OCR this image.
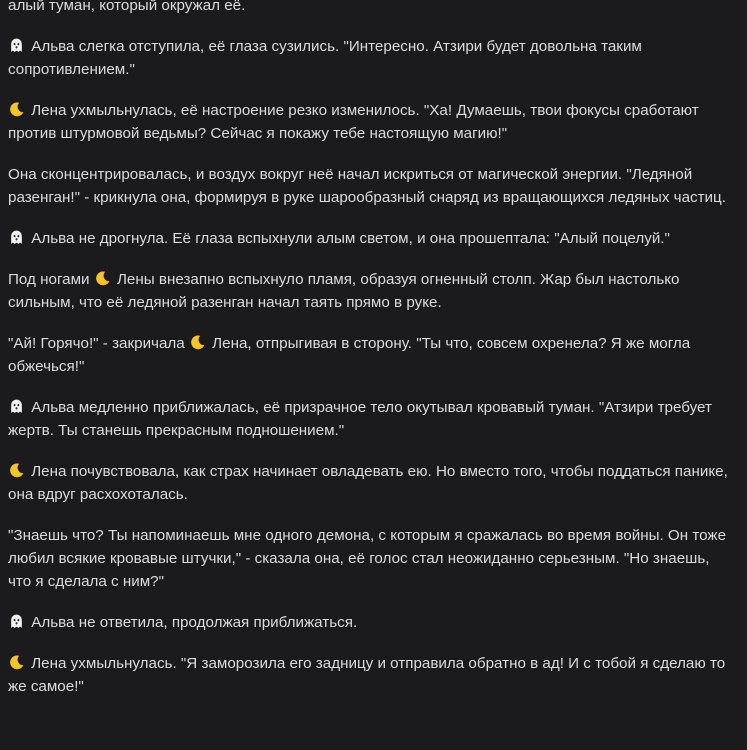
алый туман, который окружал её.

Альва слегка отступила, её глаза сузились. "Интересно. Атзири будет довольна таким сопротивлением."

Лена ухмыльнулась, её настроение резко изменилось. "Ха! Думаешь, твои фокусы сработают против штурмовой ведьмы? Сейчас я покажу тебе настоящую магию!"

Она сконцентрировалась, и воздух вокруг неё начал искриться от магической энергии. "Ледяной разенган!" - крикнула она, формируя в руке шарообразный снаряд из вращающихся ледяных частиц.

Альва не дрогнула. Её глаза вспыхнули алым светом, и она прошептала: "Алый поцелуй."

Под ногами
Лены внезапно вспыхнуло пламя, образуя огненный столп. Жар был настолько сильным, что её ледяной разенган начал таять прямо в руке.

"Ай! Горячо!" - закричала
Лена, отпрыгивая в сторону. "Ты что, совсем охренела? Я же могла обжечься!"

Альва медленно приближалась, её призрачное тело окутывал кровавый туман. "Атзири требует жертв. Ты станешь прекрасным подношением."

Лена почувствовала, как страх начинает овладевать ею. Но вместо того, чтобы поддаться панике, она вдруг расхохоталась.

"Знаешь что? Ты напоминаешь мне одного демона, с которым я сражалась во время войны. Он тоже любил всякие кровавые штучки," - сказала она, её голос стал неожиданно серьезным. "Но знаешь, что я сделала с ним?"

Альва не ответила, продолжая приближаться.

Лена ухмыльнулась. "Я заморозила его задницу и отправила обратно в ад! И с тобой я сделаю то же самое!"
